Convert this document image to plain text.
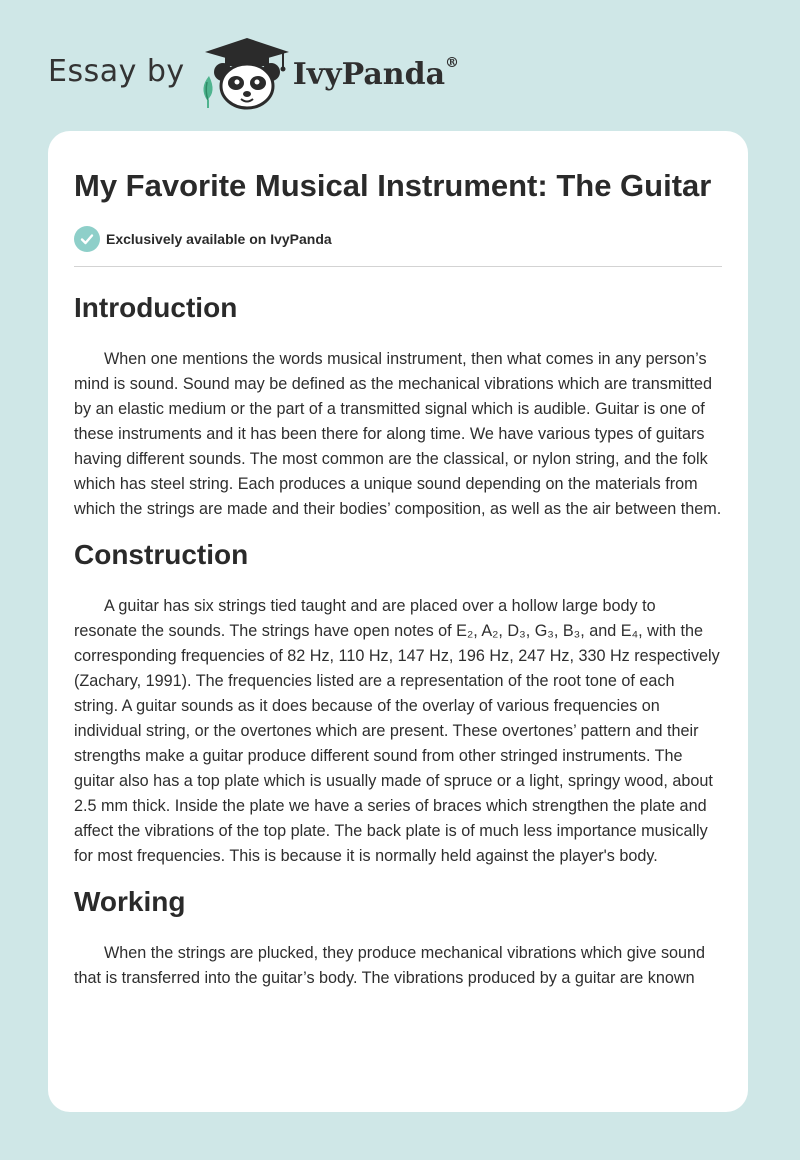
Essay by	IvyPanda®
My Favorite Musical Instrument: The Guitar
Exclusively available on IvyPanda
Introduction

When one mentions the words musical instrument, then what comes in any person’s mind is sound. Sound may be defined as the mechanical vibrations which are transmitted by an elastic medium or the part of a transmitted signal which is audible. Guitar is one of these instruments and it has been there for along time. We have various types of guitars having different sounds. The most common are the classical, or nylon string, and the folk which has steel string. Each produces a unique sound depending on the materials from which the strings are made and their bodies’ composition, as well as the air between them.

Construction

A guitar has six strings tied taught and are placed over a hollow large body to resonate the sounds. The strings have open notes of E₂, A₂, D₃, G₃, B₃, and E₄, with the corresponding frequencies of 82 Hz, 110 Hz, 147 Hz, 196 Hz, 247 Hz, 330 Hz respectively (Zachary, 1991). The frequencies listed are a representation of the root tone of each string. A guitar sounds as it does because of the overlay of various frequencies on individual string, or the overtones which are present. These overtones’ pattern and their strengths make a guitar produce different sound from other stringed instruments. The guitar also has a top plate which is usually made of spruce or a light, springy wood, about 2.5 mm thick. Inside the plate we have a series of braces which strengthen the plate and affect the vibrations of the top plate. The back plate is of much less importance musically for most frequencies. This is because it is normally held against the player's body.

Working

When the strings are plucked, they produce mechanical vibrations which give sound that is transferred into the guitar’s body. The vibrations produced by a guitar are known
